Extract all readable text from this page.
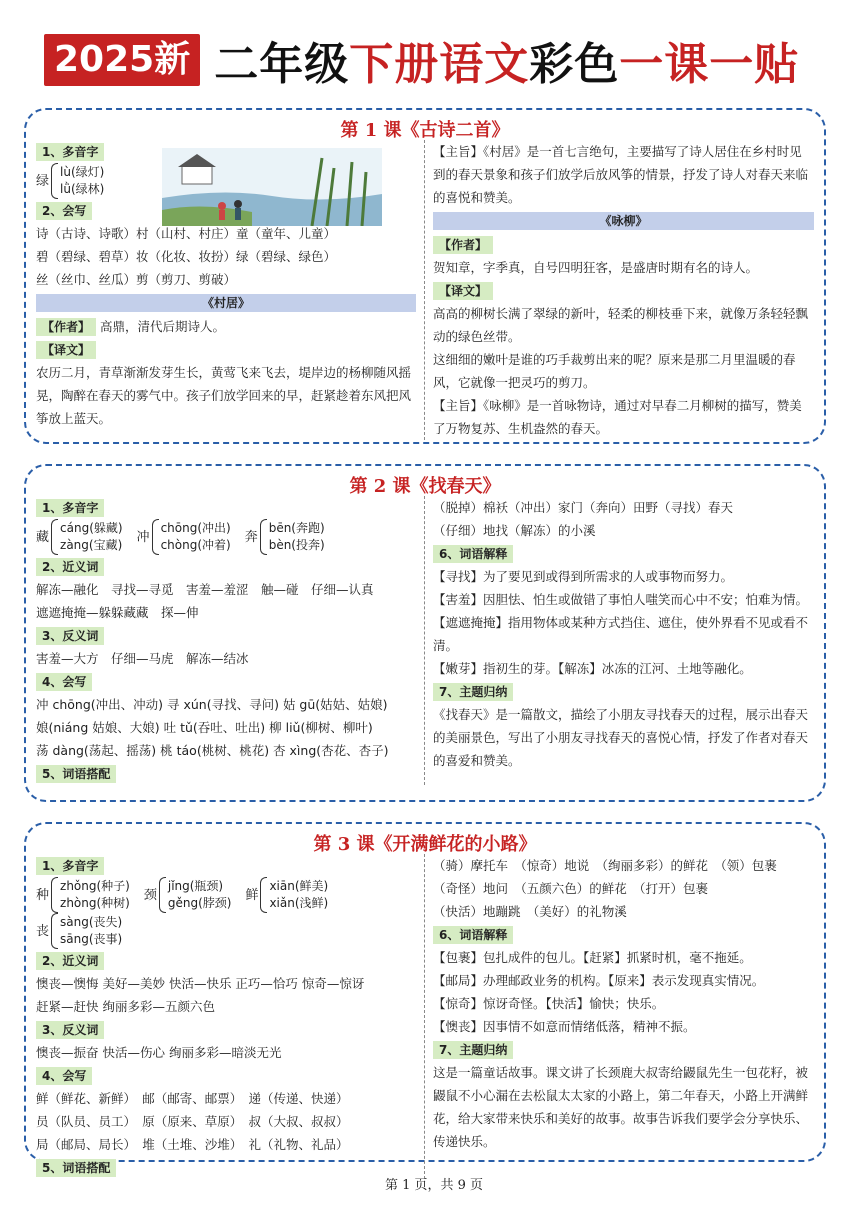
2025新 二年级下册语文彩色一课一贴
第 1 课《古诗二首》
1、多音字

绿
lù(绿灯)
lǜ(绿林)

2、会写

诗（古诗、诗歌）村（山村、村庄）童（童年、儿童）
碧（碧绿、碧草）妆（化妆、妆扮）绿（碧绿、绿色）
丝（丝巾、丝瓜）剪（剪刀、剪破）
《村居》
【作者】 高鼎，清代后期诗人。
【译文】
农历二月，青草渐渐发芽生长，黄莺飞来飞去，堤岸边的杨柳随风摇晃，陶醉在春天的雾气中。孩子们放学回来的早，赶紧趁着东风把风筝放上蓝天。
【主旨】《村居》是一首七言绝句，主要描写了诗人居住在乡村时见到的春天景象和孩子们放学后放风筝的情景，抒发了诗人对春天来临的喜悦和赞美。
《咏柳》
【作者】
贺知章，字季真，自号四明狂客，是盛唐时期有名的诗人。
【译文】
高高的柳树长满了翠绿的新叶，轻柔的柳枝垂下来，就像万条轻轻飘动的绿色丝带。
这细细的嫩叶是谁的巧手裁剪出来的呢？原来是那二月里温暖的春风，它就像一把灵巧的剪刀。
【主旨】《咏柳》是一首咏物诗，通过对早春二月柳树的描写，赞美了万物复苏、生机盎然的春天。
第 2 课《找春天》
1、多音字

藏
cáng(躲藏)
zàng(宝藏)

冲
chōng(冲出)
chòng(冲着)

奔
bēn(奔跑)
bèn(投奔)

2、近义词
解冻—融化　寻找—寻觅　害羞—羞涩　触—碰　仔细—认真
遮遮掩掩—躲躲藏藏　探—伸
3、反义词
害羞—大方　仔细—马虎　解冻—结冰
4、会写
冲 chōng(冲出、冲动) 寻 xún(寻找、寻问) 姑 gū(姑姑、姑娘)
娘(niáng 姑娘、大娘) 吐 tǔ(吞吐、吐出) 柳 liǔ(柳树、柳叶)
荡 dàng(荡起、摇荡) 桃 táo(桃树、桃花) 杏 xìng(杏花、杏子)
5、词语搭配
（脱掉）棉袄（冲出）家门（奔向）田野（寻找）春天
（仔细）地找（解冻）的小溪
6、词语解释
【寻找】为了要见到或得到所需求的人或事物而努力。
【害羞】因胆怯、怕生或做错了事怕人嗤笑而心中不安；怕难为情。
【遮遮掩掩】指用物体或某种方式挡住、遮住，使外界看不见或看不清。
【嫩芽】指初生的芽。【解冻】冰冻的江河、土地等融化。
7、主题归纳
《找春天》是一篇散文，描绘了小朋友寻找春天的过程，展示出春天的美丽景色，写出了小朋友寻找春天的喜悦心情，抒发了作者对春天的喜爱和赞美。
第 3 课《开满鲜花的小路》
1、多音字

种
zhǒng(种子)
zhòng(种树)

颈
jǐng(瓶颈)
gěng(脖颈)

鲜
xiān(鲜美)
xiǎn(浅鲜)

丧
sàng(丧失)
sāng(丧事)

2、近义词
懊丧—懊悔 美好—美妙 快活—快乐 正巧—恰巧 惊奇—惊讶
赶紧—赶快 绚丽多彩—五颜六色
3、反义词
懊丧—振奋 快活—伤心 绚丽多彩—暗淡无光
4、会写
鲜（鲜花、新鲜）　邮（邮寄、邮票）　递（传递、快递）
员（队员、员工）　原（原来、草原）　叔（大叔、叔叔）
局（邮局、局长）　堆（土堆、沙堆）　礼（礼物、礼品）
5、词语搭配
（骑）摩托车　（惊奇）地说　（绚丽多彩）的鲜花　（领）包裹
（奇怪）地问　（五颜六色）的鲜花　（打开）包裹
（快活）地蹦跳　（美好）的礼物溪
6、词语解释
【包裹】包扎成件的包儿。【赶紧】抓紧时机，毫不拖延。
【邮局】办理邮政业务的机构。【原来】表示发现真实情况。
【惊奇】惊讶奇怪。【快活】愉快；快乐。
【懊丧】因事情不如意而情绪低落，精神不振。
7、主题归纳
这是一篇童话故事。课文讲了长颈鹿大叔寄给鼹鼠先生一包花籽，被鼹鼠不小心漏在去松鼠太太家的小路上，第二年春天，小路上开满鲜花，给大家带来快乐和美好的故事。故事告诉我们要学会分享快乐、传递快乐。
第 1 页，共 9 页
